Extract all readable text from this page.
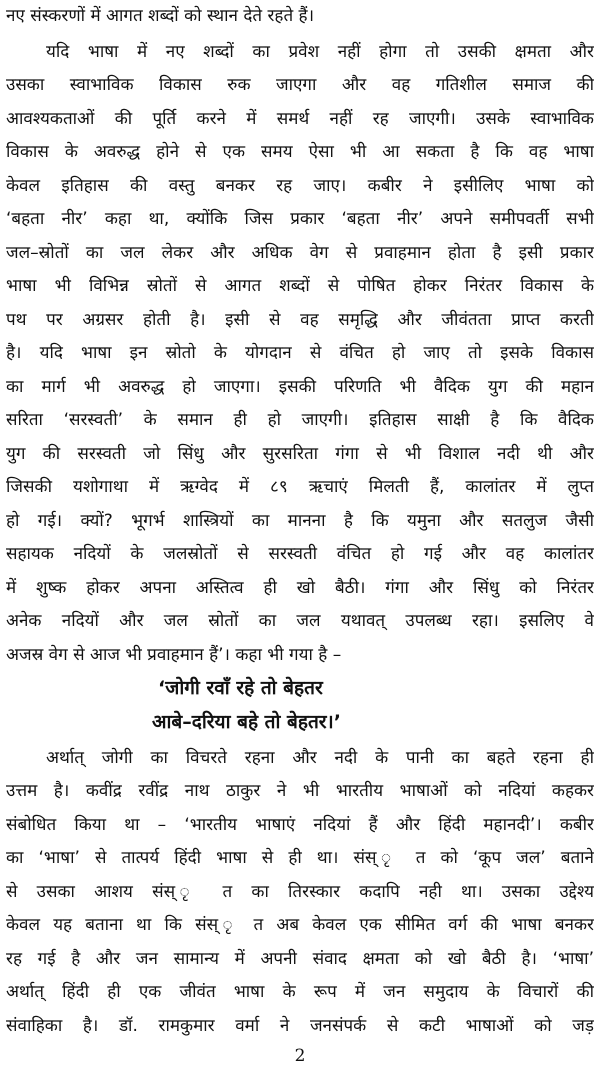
नए संस्करणों में आगत शब्दों को स्थान देते रहते हैं।
यदि भाषा में नए शब्दों का प्रवेश नहीं होगा तो उसकी क्षमता और
उसका स्वाभाविक विकास रुक जाएगा और वह गतिशील समाज की
आवश्यकताओं की पूर्ति करने में समर्थ नहीं रह जाएगी। उसके स्वाभाविक
विकास के अवरुद्ध होने से एक समय ऐसा भी आ सकता है कि वह भाषा
केवल इतिहास की वस्तु बनकर रह जाए। कबीर ने इसीलिए भाषा को
‘बहता नीर’ कहा था, क्योंकि जिस प्रकार ‘बहता नीर’ अपने समीपवर्ती सभी
जल–स्रोतों का जल लेकर और अधिक वेग से प्रवाहमान होता है इसी प्रकार
भाषा भी विभिन्न स्रोतों से आगत शब्दों से पोषित होकर निरंतर विकास के
पथ पर अग्रसर होती है। इसी से वह समृद्धि और जीवंतता प्राप्त करती
है। यदि भाषा इन स्रोतो के योगदान से वंचित हो जाए तो इसके विकास
का मार्ग भी अवरुद्ध हो जाएगा। इसकी परिणति भी वैदिक युग की महान
सरिता ‘सरस्वती’ के समान ही हो जाएगी। इतिहास साक्षी है कि वैदिक
युग की सरस्वती जो सिंधु और सुरसरिता गंगा से भी विशाल नदी थी और
जिसकी यशोगाथा में ऋग्वेद में ८९ ऋचाएं मिलती हैं, कालांतर में लुप्त
हो गई। क्यों? भूगर्भ शास्त्रियों का मानना है कि यमुना और सतलुज जैसी
सहायक नदियों के जलस्रोतों से सरस्वती वंचित हो गई और वह कालांतर
में शुष्क होकर अपना अस्तित्व ही खो बैठी। गंगा और सिंधु को निरंतर
अनेक नदियों और जल स्रोतों का जल यथावत् उपलब्ध रहा। इसलिए वे
अजस्र वेग से आज भी प्रवाहमान हैं’। कहा भी गया है –
‘जोगी रवाँ रहे तो बेहतर
आबे–दरिया बहे तो बेहतर।’
अर्थात् जोगी का विचरते रहना और नदी के पानी का बहते रहना ही
उत्तम है। कवींद्र रवींद्र नाथ ठाकुर ने भी भारतीय भाषाओं को नदियां कहकर
संबोधित किया था – ‘भारतीय भाषाएं नदियां हैं और हिंदी महानदी’। कबीर
का ‘भाषा’ से तात्पर्य हिंदी भाषा से ही था। संस् ृ त को ‘कूप जल’ बताने
से उसका आशय संस् ृ त का तिरस्कार कदापि नही था। उसका उद्देश्य
केवल यह बताना था कि संस् ृ त अब केवल एक सीमित वर्ग की भाषा बनकर
रह गई है और जन सामान्य में अपनी संवाद क्षमता को खो बैठी है। ‘भाषा’
अर्थात् हिंदी ही एक जीवंत भाषा के रूप में जन समुदाय के विचारों की
संवाहिका है। डॉ. रामकुमार वर्मा ने जनसंपर्क से कटी भाषाओं को जड़
2
